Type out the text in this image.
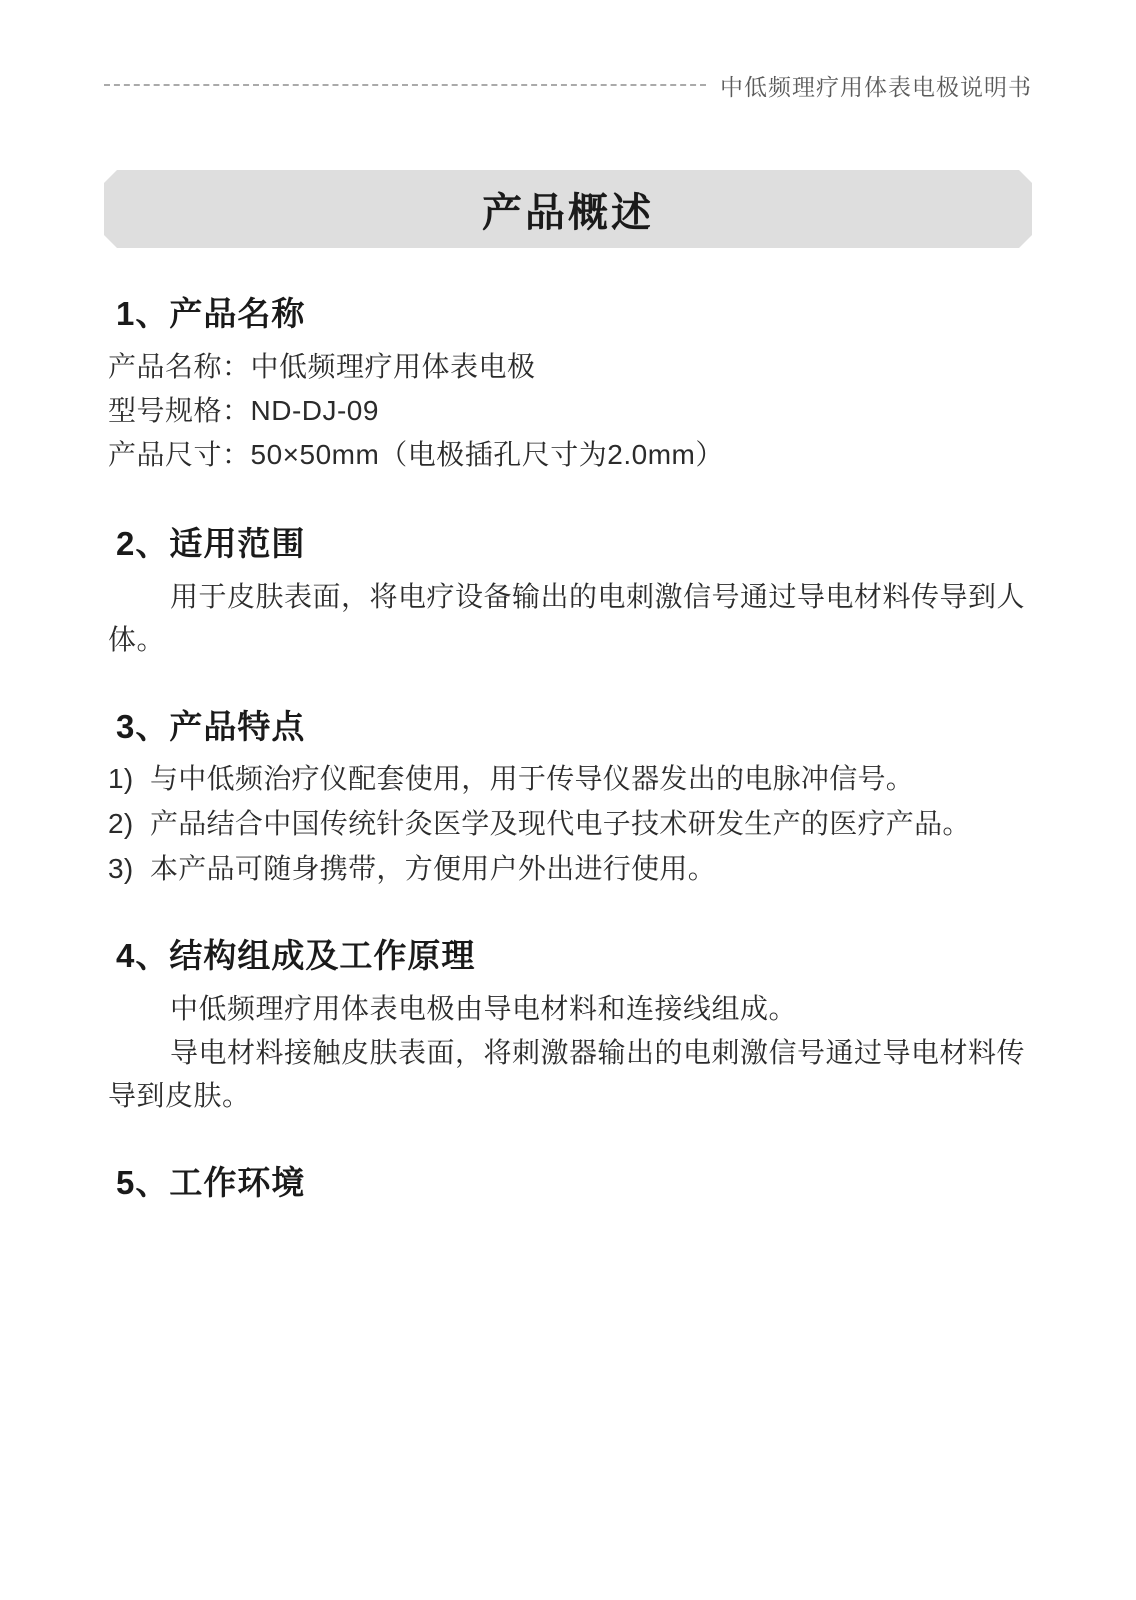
中低频理疗用体表电极说明书
产品概述
1、产品名称

产品名称：中低频理疗用体表电极

型号规格：ND-DJ-09

产品尺寸：50×50mm（电极插孔尺寸为2.0mm）

2、适用范围

用于皮肤表面，将电疗设备输出的电刺激信号通过导电材料传导到人体。

3、产品特点
1) 与中低频治疗仪配套使用，用于传导仪器发出的电脉冲信号。
2) 产品结合中国传统针灸医学及现代电子技术研发生产的医疗产品。
3) 本产品可随身携带，方便用户外出进行使用。
4、结构组成及工作原理

中低频理疗用体表电极由导电材料和连接线组成。

导电材料接触皮肤表面，将刺激器输出的电刺激信号通过导电材料传导到皮肤。

5、工作环境
